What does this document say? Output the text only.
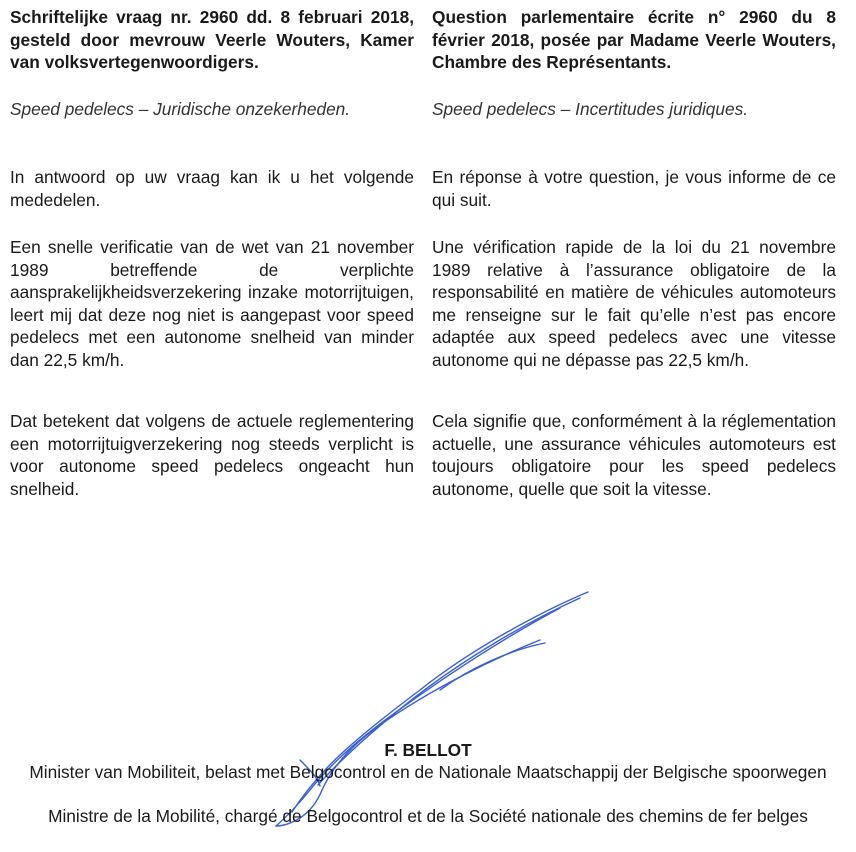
Schriftelijke vraag nr. 2960 dd. 8 februari 2018, gesteld door mevrouw Veerle Wouters, Kamer van volksvertegenwoordigers.

Speed pedelecs – Juridische onzekerheden.

In antwoord op uw vraag kan ik u het volgende mededelen.

Een snelle verificatie van de wet van 21 november 1989 betreffende de verplichte aansprakelijkheidsverzekering inzake motorrijtuigen, leert mij dat deze nog niet is aangepast voor speed pedelecs met een autonome snelheid van minder dan 22,5 km/h.

Dat betekent dat volgens de actuele reglementering een motorrijtuigverzekering nog steeds verplicht is voor autonome speed pedelecs ongeacht hun snelheid.

Question parlementaire écrite n° 2960 du 8 février 2018, posée par Madame Veerle Wouters, Chambre des Représentants.

Speed pedelecs – Incertitudes juridiques.

En réponse à votre question, je vous informe de ce qui suit.

Une vérification rapide de la loi du 21 novembre 1989 relative à l’assurance obligatoire de la responsabilité en matière de véhicules automoteurs me renseigne sur le fait qu’elle n’est pas encore adaptée aux speed pedelecs avec une vitesse autonome qui ne dépasse pas 22,5 km/h.

Cela signifie que, conformément à la réglementation actuelle, une assurance véhicules automoteurs est toujours obligatoire pour les speed pedelecs autonome, quelle que soit la vitesse.

F. BELLOT
Minister van Mobiliteit, belast met Belgocontrol en de Nationale Maatschappij der Belgische spoorwegen
Ministre de la Mobilité, chargé de Belgocontrol et de la Société nationale des chemins de fer belges
